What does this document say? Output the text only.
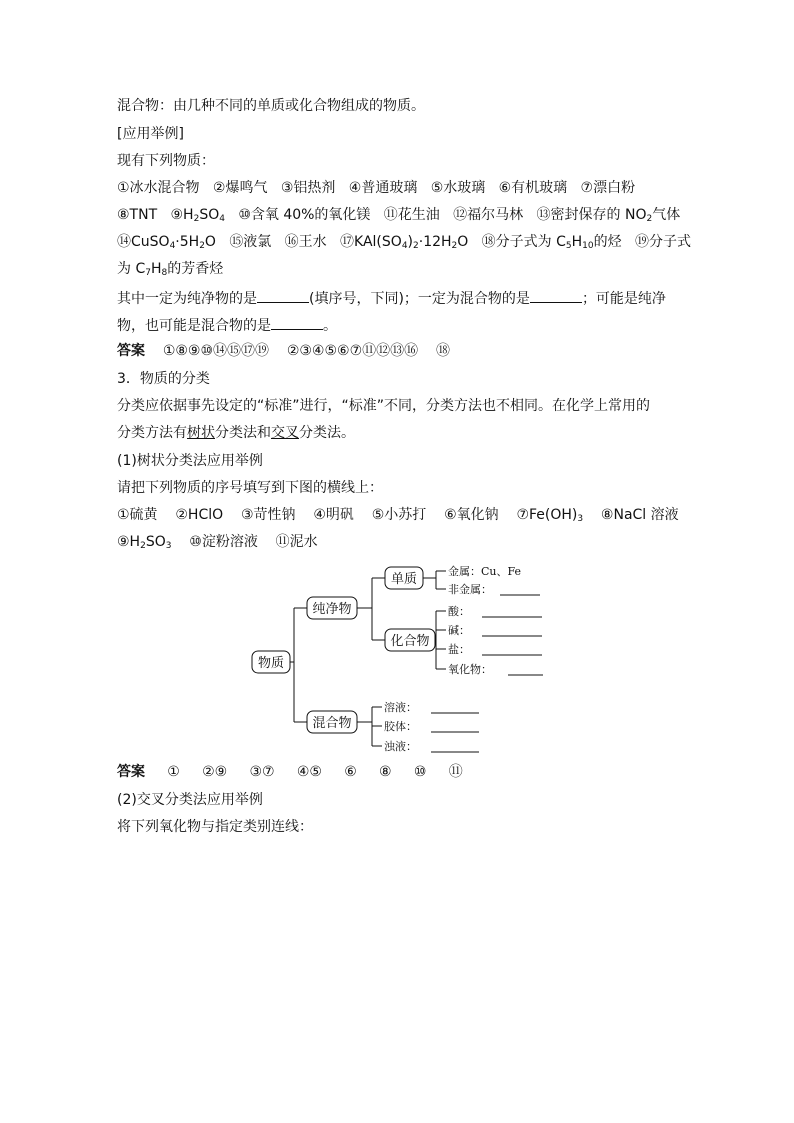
混合物：由几种不同的单质或化合物组成的物质。
[应用举例]
现有下列物质：
①冰水混合物 ②爆鸣气 ③铝热剂 ④普通玻璃 ⑤水玻璃 ⑥有机玻璃 ⑦漂白粉
⑧TNT $⑨H_2SO_4$ ⑩含氧 40%的氧化镁 ⑪花生油 ⑫福尔马林 ⑬密封保存的 $NO_2$气体
$⑭CuSO_4\cdot 5H_2O$ ⑮液氯 ⑯王水 $⑰KAl(SO_4)_2\cdot 12H_2O$ ⑱分子式为 $C_5H_{10}$的烃 ⑲分子式
为 $C_7H_8$的芳香烃
其中一定为纯净物的是	(填序号，下同)；一定为混合物的是	；可能是纯净
物，也可能是混合物的是	。
答案 ①⑧⑨⑩⑭⑮⑰⑲ ②③④⑤⑥⑦⑪⑫⑬⑯ ⑱
3．物质的分类
分类应依据事先设定的“标准”进行，“标准”不同，分类方法也不相同。在化学上常用的
分类方法有树状分类法和交叉分类法。
(1)树状分类法应用举例
请把下列物质的序号填写到下图的横线上：
①硫黄 ②HClO ③苛性钠 ④明矾 ⑤小苏打 ⑥氧化钠 $⑦Fe(OH)_3$ ⑧NaCl 溶液
$⑨H_2SO_3$ ⑩淀粉溶液 ⑪泥水
物质
纯净物
混合物
单质
化合物
金属：Cu、Fe
非金属：
酸：
碱：
盐：
氧化物：
溶液：
胶体：
浊液：
答案 ① ②⑨ ③⑦ ④⑤ ⑥ ⑧ ⑩ ⑪
(2)交叉分类法应用举例
将下列氧化物与指定类别连线：
